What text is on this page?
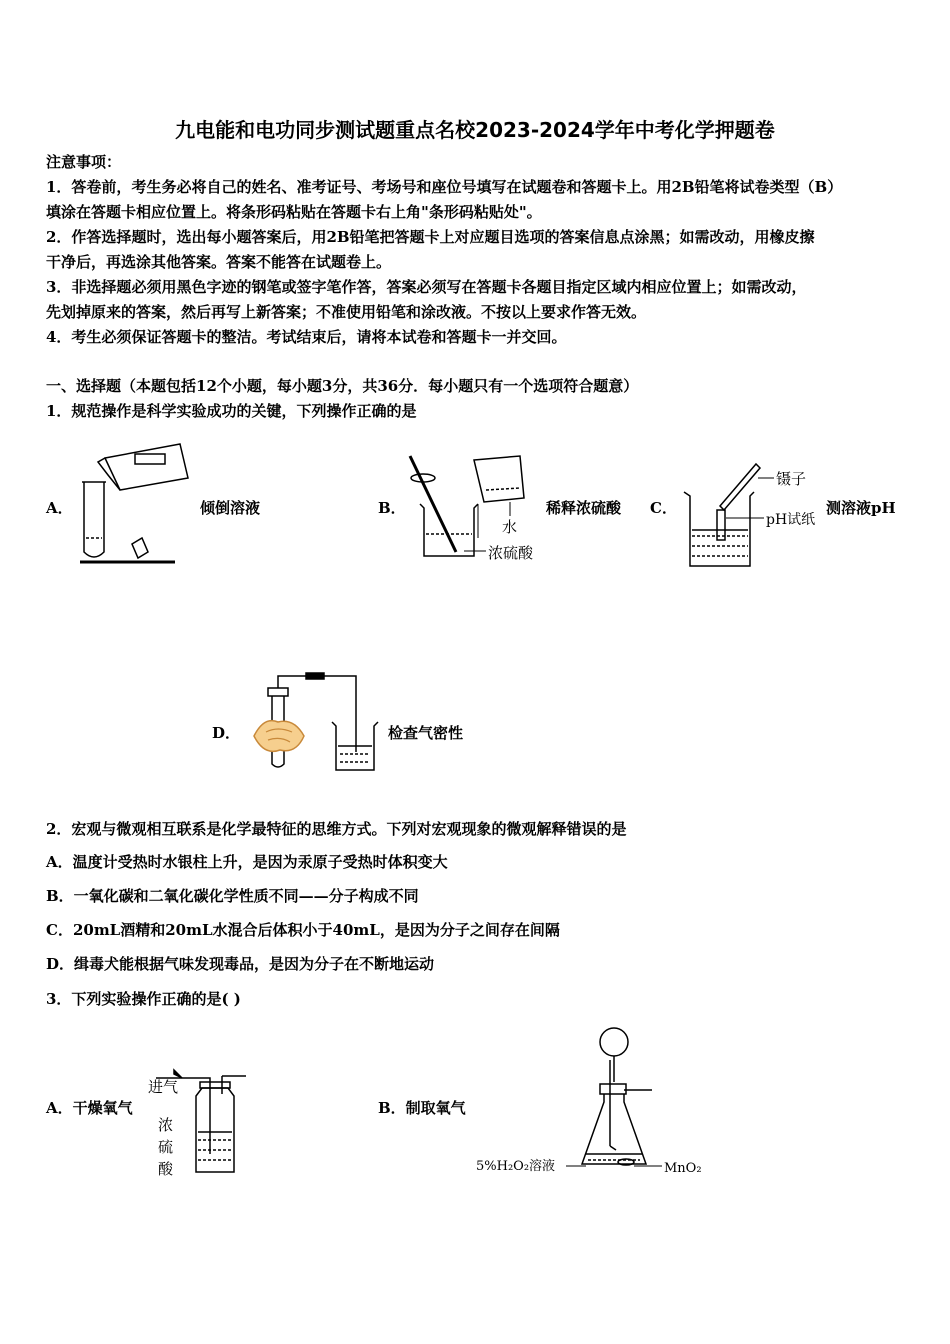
九电能和电功同步测试题重点名校2023-2024学年中考化学押题卷
注意事项：
1．答卷前，考生务必将自己的姓名、准考证号、考场号和座位号填写在试题卷和答题卡上。用2B铅笔将试卷类型（B）
填涂在答题卡相应位置上。将条形码粘贴在答题卡右上角"条形码粘贴处"。
2．作答选择题时，选出每小题答案后，用2B铅笔把答题卡上对应题目选项的答案信息点涂黑；如需改动，用橡皮擦
干净后，再选涂其他答案。答案不能答在试题卷上。
3．非选择题必须用黑色字迹的钢笔或签字笔作答，答案必须写在答题卡各题目指定区域内相应位置上；如需改动，
先划掉原来的答案，然后再写上新答案；不准使用铅笔和涂改液。不按以上要求作答无效。
4．考生必须保证答题卡的整洁。考试结束后，请将本试卷和答题卡一并交回。
一、选择题（本题包括12个小题，每小题3分，共36分．每小题只有一个选项符合题意）
1．规范操作是科学实验成功的关键，下列操作正确的是
A．	倾倒溶液	B．
水
浓硫酸
稀释浓硫酸 C．
镊子
pH试纸
测溶液pH
D．	检查气密性
2．宏观与微观相互联系是化学最特征的思维方式。下列对宏观现象的微观解释错误的是
A．温度计受热时水银柱上升，是因为汞原子受热时体积变大
B．一氧化碳和二氧化碳化学性质不同——分子构成不同
C．20mL酒精和20mL水混合后体积小于40mL，是因为分子之间存在间隔
D．缉毒犬能根据气味发现毒品，是因为分子在不断地运动
3．下列实验操作正确的是( )
A．干燥氧气
进气
浓
硫
酸
B．制取氧气
5%H₂O₂溶液	MnO₂
